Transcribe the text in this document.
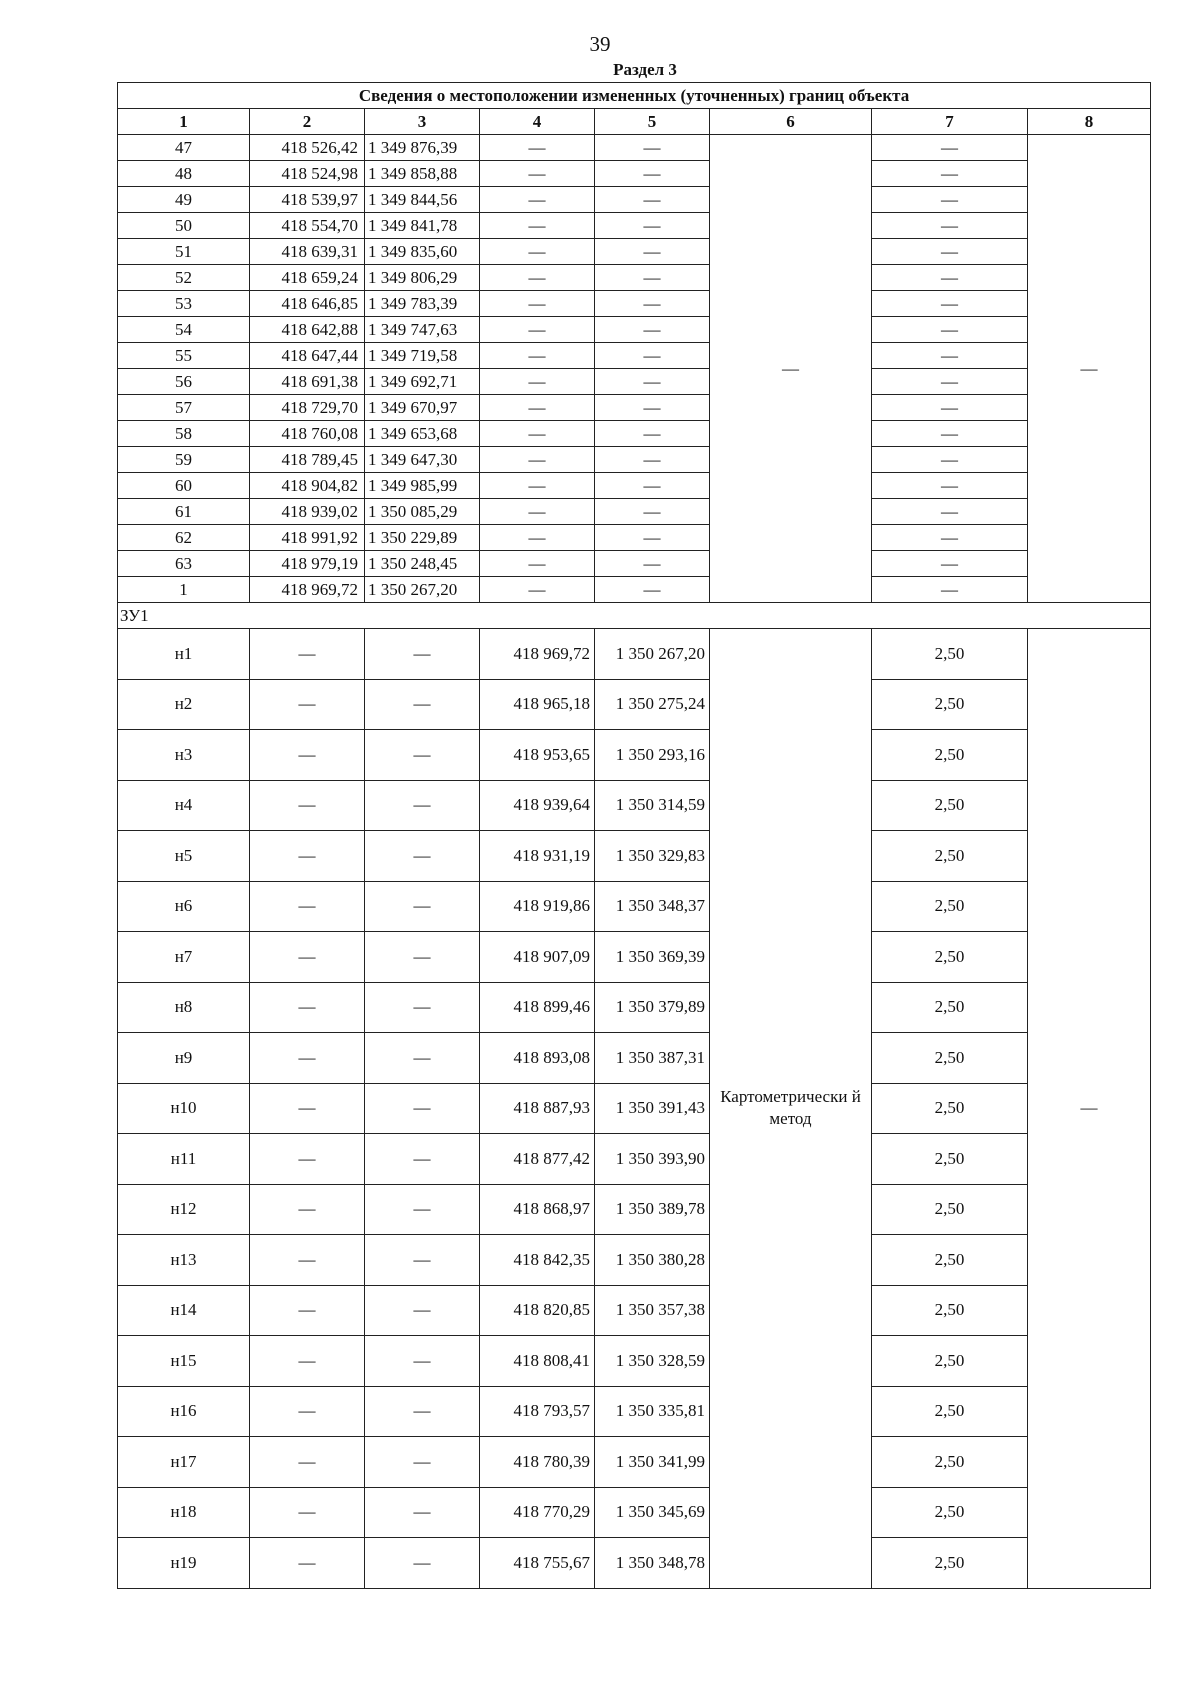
39
Раздел 3
Сведения о местоположении измененных (уточненных) границ объекта							
1	2	3	4	5	6	7	8
47	418 526,42	1 349 876,39	—	—	—	—	—
48	418 524,98	1 349 858,88	—	—		—	
49	418 539,97	1 349 844,56	—	—		—	
50	418 554,70	1 349 841,78	—	—		—	
51	418 639,31	1 349 835,60	—	—		—	
52	418 659,24	1 349 806,29	—	—		—	
53	418 646,85	1 349 783,39	—	—		—	
54	418 642,88	1 349 747,63	—	—		—	
55	418 647,44	1 349 719,58	—	—		—	
56	418 691,38	1 349 692,71	—	—		—	
57	418 729,70	1 349 670,97	—	—		—	
58	418 760,08	1 349 653,68	—	—		—	
59	418 789,45	1 349 647,30	—	—		—	
60	418 904,82	1 349 985,99	—	—		—	
61	418 939,02	1 350 085,29	—	—		—	
62	418 991,92	1 350 229,89	—	—		—	
63	418 979,19	1 350 248,45	—	—		—	
1	418 969,72	1 350 267,20	—	—		—	
ЗУ1							
н1	—	—	418 969,72	1 350 267,20	Картометрически й метод	2,50	—
н2	—	—	418 965,18	1 350 275,24		2,50	
н3	—	—	418 953,65	1 350 293,16		2,50	
н4	—	—	418 939,64	1 350 314,59		2,50	
н5	—	—	418 931,19	1 350 329,83		2,50	
н6	—	—	418 919,86	1 350 348,37		2,50	
н7	—	—	418 907,09	1 350 369,39		2,50	
н8	—	—	418 899,46	1 350 379,89		2,50	
н9	—	—	418 893,08	1 350 387,31		2,50	
н10	—	—	418 887,93	1 350 391,43		2,50	
н11	—	—	418 877,42	1 350 393,90		2,50	
н12	—	—	418 868,97	1 350 389,78		2,50	
н13	—	—	418 842,35	1 350 380,28		2,50	
н14	—	—	418 820,85	1 350 357,38		2,50	
н15	—	—	418 808,41	1 350 328,59		2,50	
н16	—	—	418 793,57	1 350 335,81		2,50	
н17	—	—	418 780,39	1 350 341,99		2,50	
н18	—	—	418 770,29	1 350 345,69		2,50	
н19	—	—	418 755,67	1 350 348,78		2,50	
